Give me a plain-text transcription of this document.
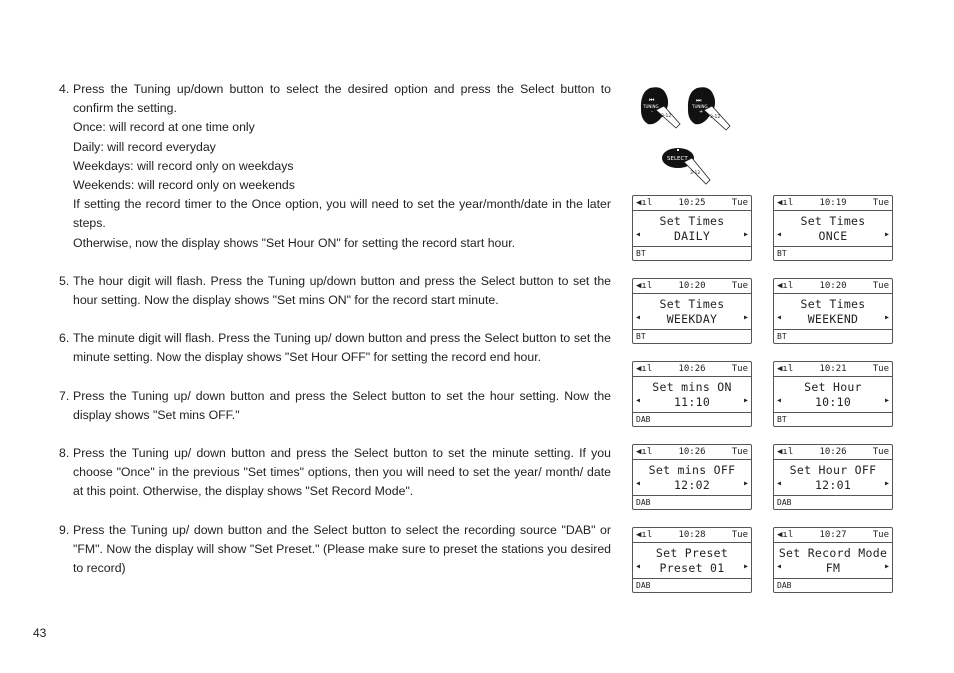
4. Press the Tuning up/down button to select the desired option and press the Select button to confirm the setting.

Once: will record at one time only

Daily: will record everyday

Weekdays: will record only on weekdays

Weekends: will record only on weekends

If setting the record timer to the Once option, you will need to set the year/month/date in the later steps.

Otherwise, now the display shows "Set Hour ON" for setting the record start hour.

5. The hour digit will flash. Press the Tuning up/down button and press the Select button to set the hour setting. Now the display shows "Set mins ON" for the record start minute.

6. The minute digit will flash. Press the Tuning up/ down button and press the Select button to set the minute setting. Now the display shows "Set Hour OFF" for setting the record end hour.

7. Press the Tuning up/ down button and press the Select button to set the hour setting. Now the display shows "Set mins OFF."

8. Press the Tuning up/ down button and press the Select button to set the minute setting. If you choose "Once" in the previous "Set times" options, then you will need to set the year/ month/ date at this point. Otherwise, the display shows "Set Record Mode".

9. Press the Tuning up/ down button and the Select button to select the recording source "DAB" or "FM". Now the display will show "Set Preset." (Please make sure to preset the stations you desired to record)

⏮
TUNING
-
3-12
⏭
TUNING
+
3-12
SELECT
3-12
◀ıl	10:25	Tue
Set Times
◂	DAILY	▸
BT
◀ıl	10:19	Tue
Set Times
◂	ONCE	▸
BT
◀ıl	10:20	Tue
Set Times
◂	WEEKDAY	▸
BT
◀ıl	10:20	Tue
Set Times
◂	WEEKEND	▸
BT
◀ıl	10:26	Tue
Set mins ON
◂	11:10	▸
DAB
◀ıl	10:21	Tue
Set Hour
◂	10:10	▸
BT
◀ıl	10:26	Tue
Set mins OFF
◂	12:02	▸
DAB
◀ıl	10:26	Tue
Set Hour OFF
◂	12:01	▸
DAB
◀ıl	10:28	Tue
Set Preset
◂	Preset 01	▸
DAB
◀ıl	10:27	Tue
Set Record Mode
◂	FM	▸
DAB
43
